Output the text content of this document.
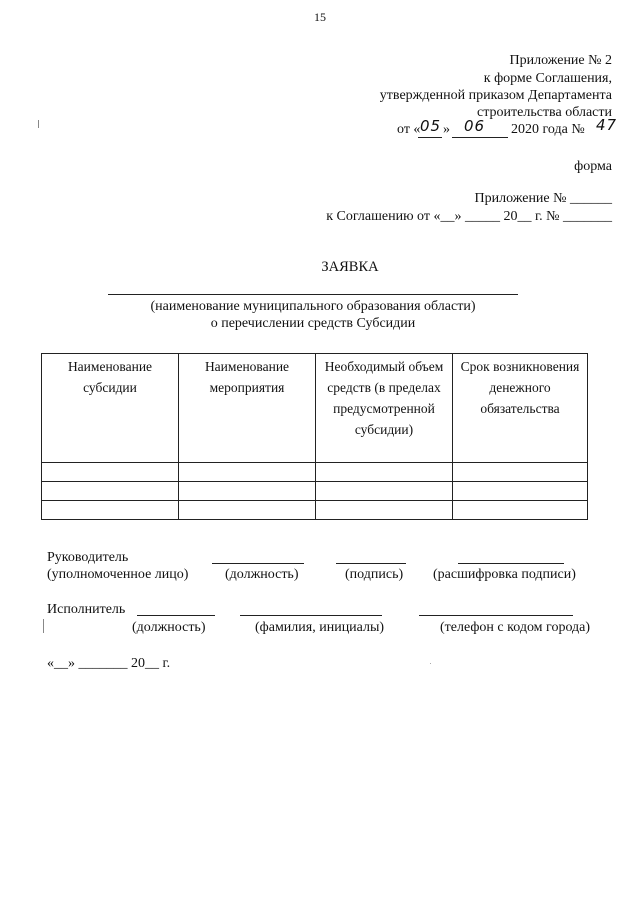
15
Приложение № 2
к форме Соглашения,
утвержденной приказом Департамента
строительства области
от « 05 » 06 2020 года № 47
форма
Приложение № ______
к Соглашению от «__» _____ 20__ г. № _______
ЗАЯВКА
(наименование муниципального образования области)
о перечислении средств Субсидии
Наименование субсидии	Наименование мероприятия	Необходимый объем средств (в пределах предусмотренной субсидии)	Срок возникновения денежного обязательства

Руководитель
(уполномоченное лицо)	(должность)	(подпись) (расшифровка подписи)
Исполнитель
(должность)	(фамилия, инициалы)	(телефон с кодом города)
«__» _______ 20__ г.
